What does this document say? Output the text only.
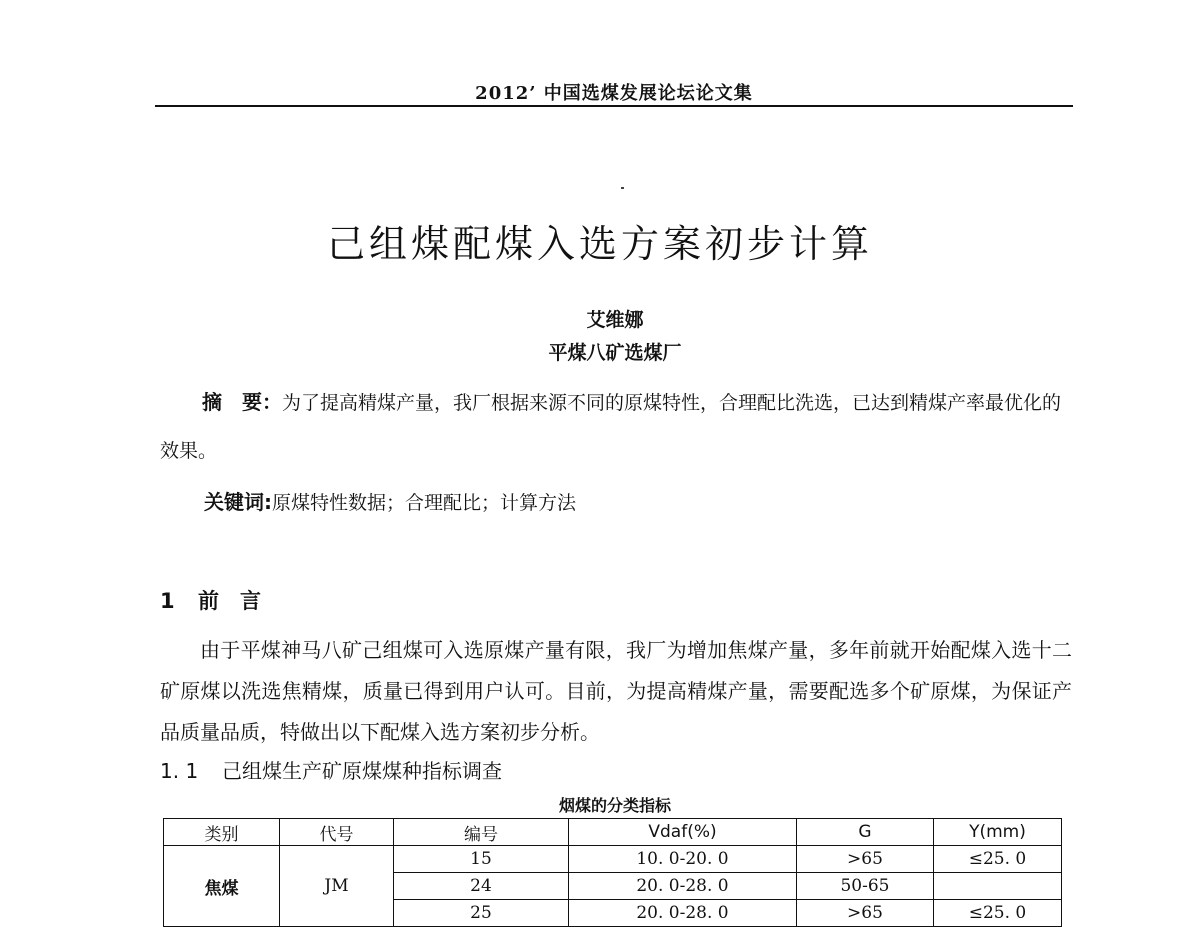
2012’ 中国选煤发展论坛论文集
己组煤配煤入选方案初步计算
艾维娜
平煤八矿选煤厂
摘　要：为了提高精煤产量，我厂根据来源不同的原煤特性，合理配比洗选，已达到精煤产率最优化的效果。
关键词:原煤特性数据；合理配比；计算方法
1 前　言

由于平煤神马八矿己组煤可入选原煤产量有限，我厂为增加焦煤产量，多年前就开始配煤入选十二矿原煤以洗选焦精煤，质量已得到用户认可。目前，为提高精煤产量，需要配选多个矿原煤，为保证产品质量品质，特做出以下配煤入选方案初步分析。

1. 1 己组煤生产矿原煤煤种指标调查
烟煤的分类指标
类别	代号	编号	Vdaf(%)	G	Y(mm)
焦煤	JM	15	10. 0-20. 0	>65	≤25. 0
		24	20. 0-28. 0	50-65	
		25	20. 0-28. 0	>65	≤25. 0
